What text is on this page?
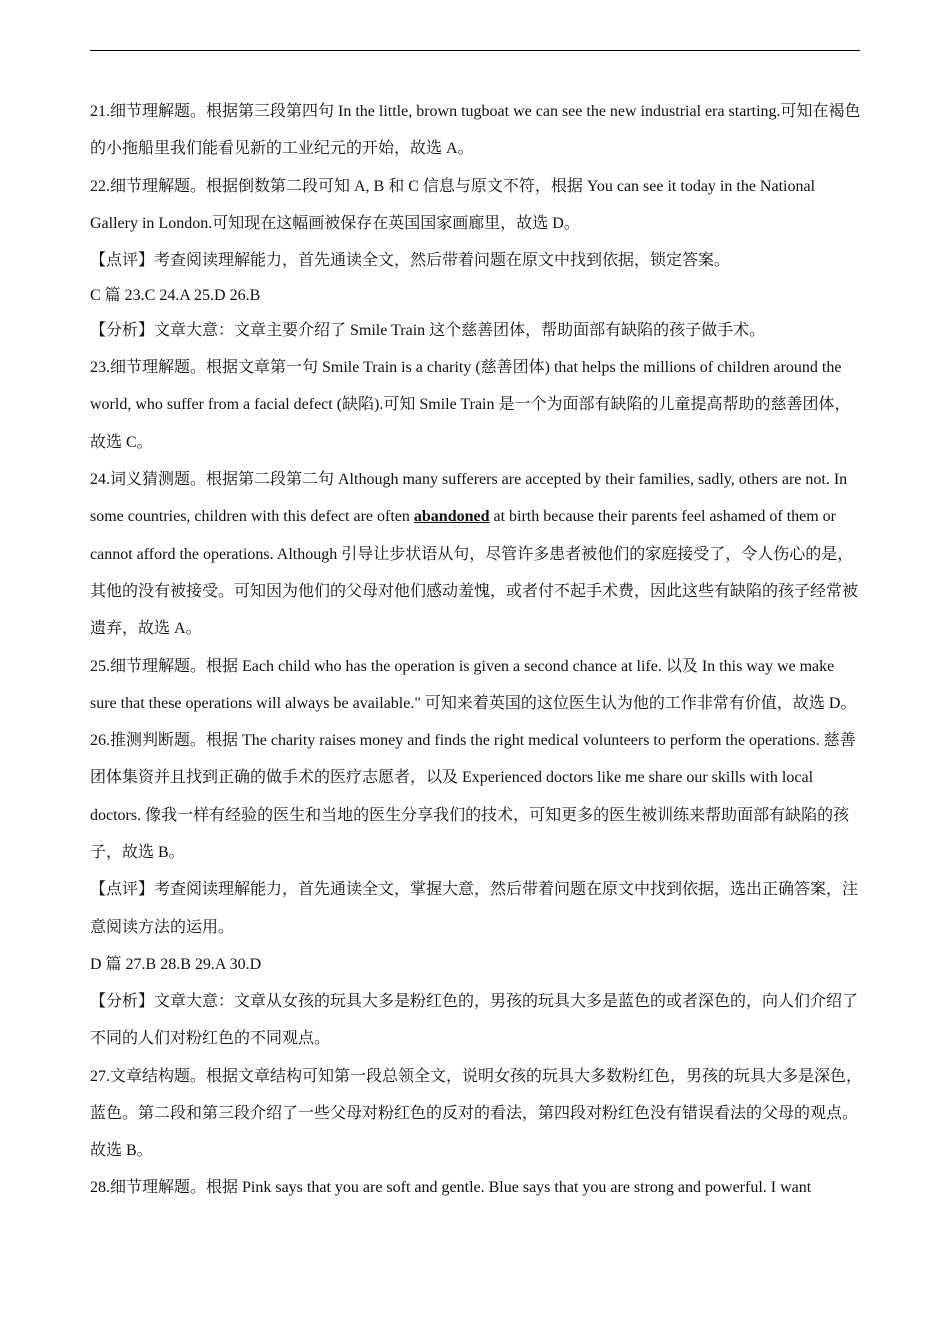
21.细节理解题。根据第三段第四句 In the little, brown tugboat we can see the new industrial era starting.可知在褐色的小拖船里我们能看见新的工业纪元的开始，故选 A。

22.细节理解题。根据倒数第二段可知 A, B 和 C 信息与原文不符，根据 You can see it today in the National Gallery in London.可知现在这幅画被保存在英国国家画廊里，故选 D。

【点评】考查阅读理解能力，首先通读全文，然后带着问题在原文中找到依据，锁定答案。

C 篇 23.C 24.A 25.D 26.B

【分析】文章大意：文章主要介绍了 Smile Train 这个慈善团体，帮助面部有缺陷的孩子做手术。

23.细节理解题。根据文章第一句 Smile Train is a charity (慈善团体) that helps the millions of children around the world, who suffer from a facial defect (缺陷).可知 Smile Train 是一个为面部有缺陷的儿童提高帮助的慈善团体，故选 C。

24.词义猜测题。根据第二段第二句 Although many sufferers are accepted by their families, sadly, others are not. In some countries, children with this defect are often abandoned at birth because their parents feel ashamed of them or cannot afford the operations. Although 引导让步状语从句，尽管许多患者被他们的家庭接受了，令人伤心的是，其他的没有被接受。可知因为他们的父母对他们感动羞愧，或者付不起手术费，因此这些有缺陷的孩子经常被遗弃，故选 A。

25.细节理解题。根据 Each child who has the operation is given a second chance at life. 以及 In this way we make sure that these operations will always be available." 可知来着英国的这位医生认为他的工作非常有价值，故选 D。

26.推测判断题。根据 The charity raises money and finds the right medical volunteers to perform the operations. 慈善团体集资并且找到正确的做手术的医疗志愿者，以及 Experienced doctors like me share our skills with local doctors. 像我一样有经验的医生和当地的医生分享我们的技术，可知更多的医生被训练来帮助面部有缺陷的孩子，故选 B。

【点评】考查阅读理解能力，首先通读全文，掌握大意，然后带着问题在原文中找到依据，选出正确答案，注意阅读方法的运用。

D 篇 27.B 28.B 29.A 30.D

【分析】文章大意：文章从女孩的玩具大多是粉红色的，男孩的玩具大多是蓝色的或者深色的，向人们介绍了不同的人们对粉红色的不同观点。

27.文章结构题。根据文章结构可知第一段总领全文，说明女孩的玩具大多数粉红色，男孩的玩具大多是深色，蓝色。第二段和第三段介绍了一些父母对粉红色的反对的看法，第四段对粉红色没有错误看法的父母的观点。故选 B。

28.细节理解题。根据 Pink says that you are soft and gentle. Blue says that you are strong and powerful. I want
